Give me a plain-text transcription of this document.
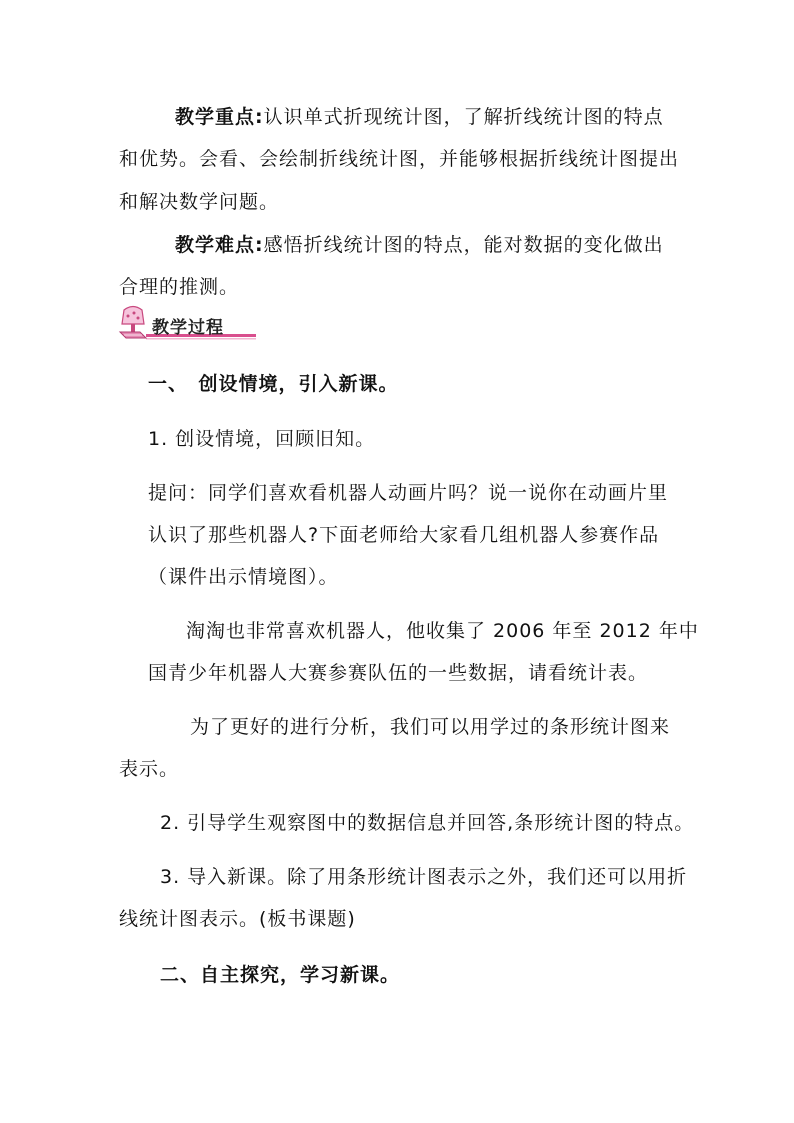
教学重点:认识单式折现统计图，了解折线统计图的特点

和优势。会看、会绘制折线统计图，并能够根据折线统计图提出

和解决数学问题。

教学难点:感悟折线统计图的特点，能对数据的变化做出

合理的推测。

教学过程

一、　创设情境，引入新课。

1. 创设情境，回顾旧知。

提问：同学们喜欢看机器人动画片吗？说一说你在动画片里

认识了那些机器人?下面老师给大家看几组机器人参赛作品

（课件出示情境图）。

淘淘也非常喜欢机器人，他收集了 2006 年至 2012 年中

国青少年机器人大赛参赛队伍的一些数据，请看统计表。

为了更好的进行分析，我们可以用学过的条形统计图来

表示。

2. 引导学生观察图中的数据信息并回答,条形统计图的特点。

3. 导入新课。除了用条形统计图表示之外，我们还可以用折

线统计图表示。(板书课题)

二、自主探究，学习新课。
